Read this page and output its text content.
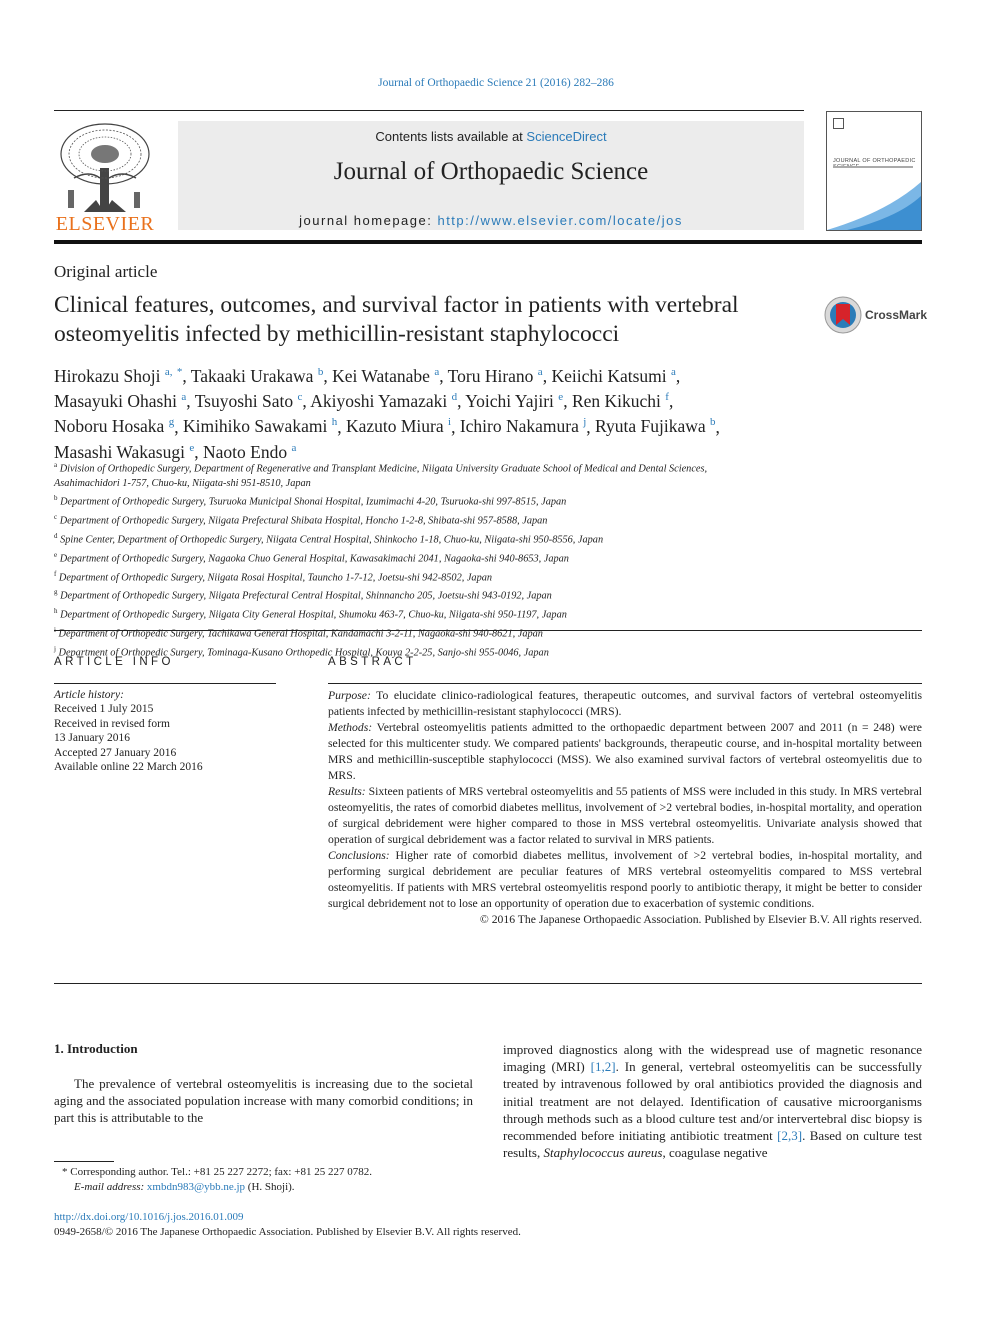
Journal of Orthopaedic Science 21 (2016) 282–286
ELSEVIER
Contents lists available at ScienceDirect
Journal of Orthopaedic Science
journal homepage: http://www.elsevier.com/locate/jos
JOURNAL OF ORTHOPAEDIC
Original article
Clinical features, outcomes, and survival factor in patients with vertebral osteomyelitis infected by methicillin-resistant staphylococci
CrossMark
Hirokazu Shoji $^{a,}$ *, Takaaki Urakawa $^b$, Kei Watanabe $^a$, Toru Hirano $^a$, Keiichi Katsumi $^a$,
Masayuki Ohashi $^a$, Tsuyoshi Sato $^c$, Akiyoshi Yamazaki $^d$, Yoichi Yajiri $^e$, Ren Kikuchi $^f$,
Noboru Hosaka $^g$, Kimihiko Sawakami $^h$, Kazuto Miura $^i$, Ichiro Nakamura $^j$, Ryuta Fujikawa $^b$,
Masashi Wakasugi $^e$, Naoto Endo $^a$
$^a$ Division of Orthopedic Surgery, Department of Regenerative and Transplant Medicine, Niigata University Graduate School of Medical and Dental Sciences,
Asahimachidori 1-757, Chuo-ku, Niigata-shi 951-8510, Japan
$^b$ Department of Orthopedic Surgery, Tsuruoka Municipal Shonai Hospital, Izumimachi 4-20, Tsuruoka-shi 997-8515, Japan
$^c$ Department of Orthopedic Surgery, Niigata Prefectural Shibata Hospital, Honcho 1-2-8, Shibata-shi 957-8588, Japan
$^d$ Spine Center, Department of Orthopedic Surgery, Niigata Central Hospital, Shinkocho 1-18, Chuo-ku, Niigata-shi 950-8556, Japan
$^e$ Department of Orthopedic Surgery, Nagaoka Chuo General Hospital, Kawasakimachi 2041, Nagaoka-shi 940-8653, Japan
$^f$ Department of Orthopedic Surgery, Niigata Rosai Hospital, Tauncho 1-7-12, Joetsu-shi 942-8502, Japan
$^g$ Department of Orthopedic Surgery, Niigata Prefectural Central Hospital, Shinnancho 205, Joetsu-shi 943-0192, Japan
$^h$ Department of Orthopedic Surgery, Niigata City General Hospital, Shumoku 463-7, Chuo-ku, Niigata-shi 950-1197, Japan
$^i$ Department of Orthopedic Surgery, Tachikawa General Hospital, Kandamachi 3-2-11, Nagaoka-shi 940-8621, Japan
$^j$ Department of Orthopedic Surgery, Tominaga-Kusano Orthopedic Hospital, Kouya 2-2-25, Sanjo-shi 955-0046, Japan
ARTICLE INFO	ABSTRACT
Article history:
Received 1 July 2015
Received in revised form
13 January 2016
Accepted 27 January 2016
Available online 22 March 2016

Purpose: To elucidate clinico-radiological features, therapeutic outcomes, and survival factors of vertebral osteomyelitis patients infected by methicillin-resistant staphylococci (MRS).

Methods: Vertebral osteomyelitis patients admitted to the orthopaedic department between 2007 and 2011 (n = 248) were selected for this multicenter study. We compared patients' backgrounds, therapeutic course, and in-hospital mortality between MRS and methicillin-susceptible staphylococci (MSS). We also examined survival factors of vertebral osteomyelitis due to MRS.

Results: Sixteen patients of MRS vertebral osteomyelitis and 55 patients of MSS were included in this study. In MRS vertebral osteomyelitis, the rates of comorbid diabetes mellitus, involvement of >2 vertebral bodies, in-hospital mortality, and operation of surgical debridement were higher compared to those in MSS vertebral osteomyelitis. Univariate analysis showed that operation of surgical debridement was a factor related to survival in MRS patients.

Conclusions: Higher rate of comorbid diabetes mellitus, involvement of >2 vertebral bodies, in-hospital mortality, and performing surgical debridement are peculiar features of MRS vertebral osteomyelitis compared to MSS vertebral osteomyelitis. If patients with MRS vertebral osteomyelitis respond poorly to antibiotic therapy, it might be better to consider surgical debridement not to lose an opportunity of operation due to exacerbation of systemic conditions.

© 2016 The Japanese Orthopaedic Association. Published by Elsevier B.V. All rights reserved.

1. Introduction

The prevalence of vertebral osteomyelitis is increasing due to the societal aging and the associated population increase with many comorbid conditions; in part this is attributable to the

improved diagnostics along with the widespread use of magnetic resonance imaging (MRI) [1,2]. In general, vertebral osteomyelitis can be successfully treated by intravenous followed by oral antibiotics provided the diagnosis and initial treatment are not delayed. Identification of causative microorganisms through methods such as a blood culture test and/or intervertebral disc biopsy is recommended before initiating antibiotic treatment [2,3]. Based on culture test results, Staphylococcus aureus, coagulase negative

* Corresponding author. Tel.: +81 25 227 2272; fax: +81 25 227 0782.
E-mail address: xmbdn983@ybb.ne.jp (H. Shoji).
http://dx.doi.org/10.1016/j.jos.2016.01.009
0949-2658/© 2016 The Japanese Orthopaedic Association. Published by Elsevier B.V. All rights reserved.
